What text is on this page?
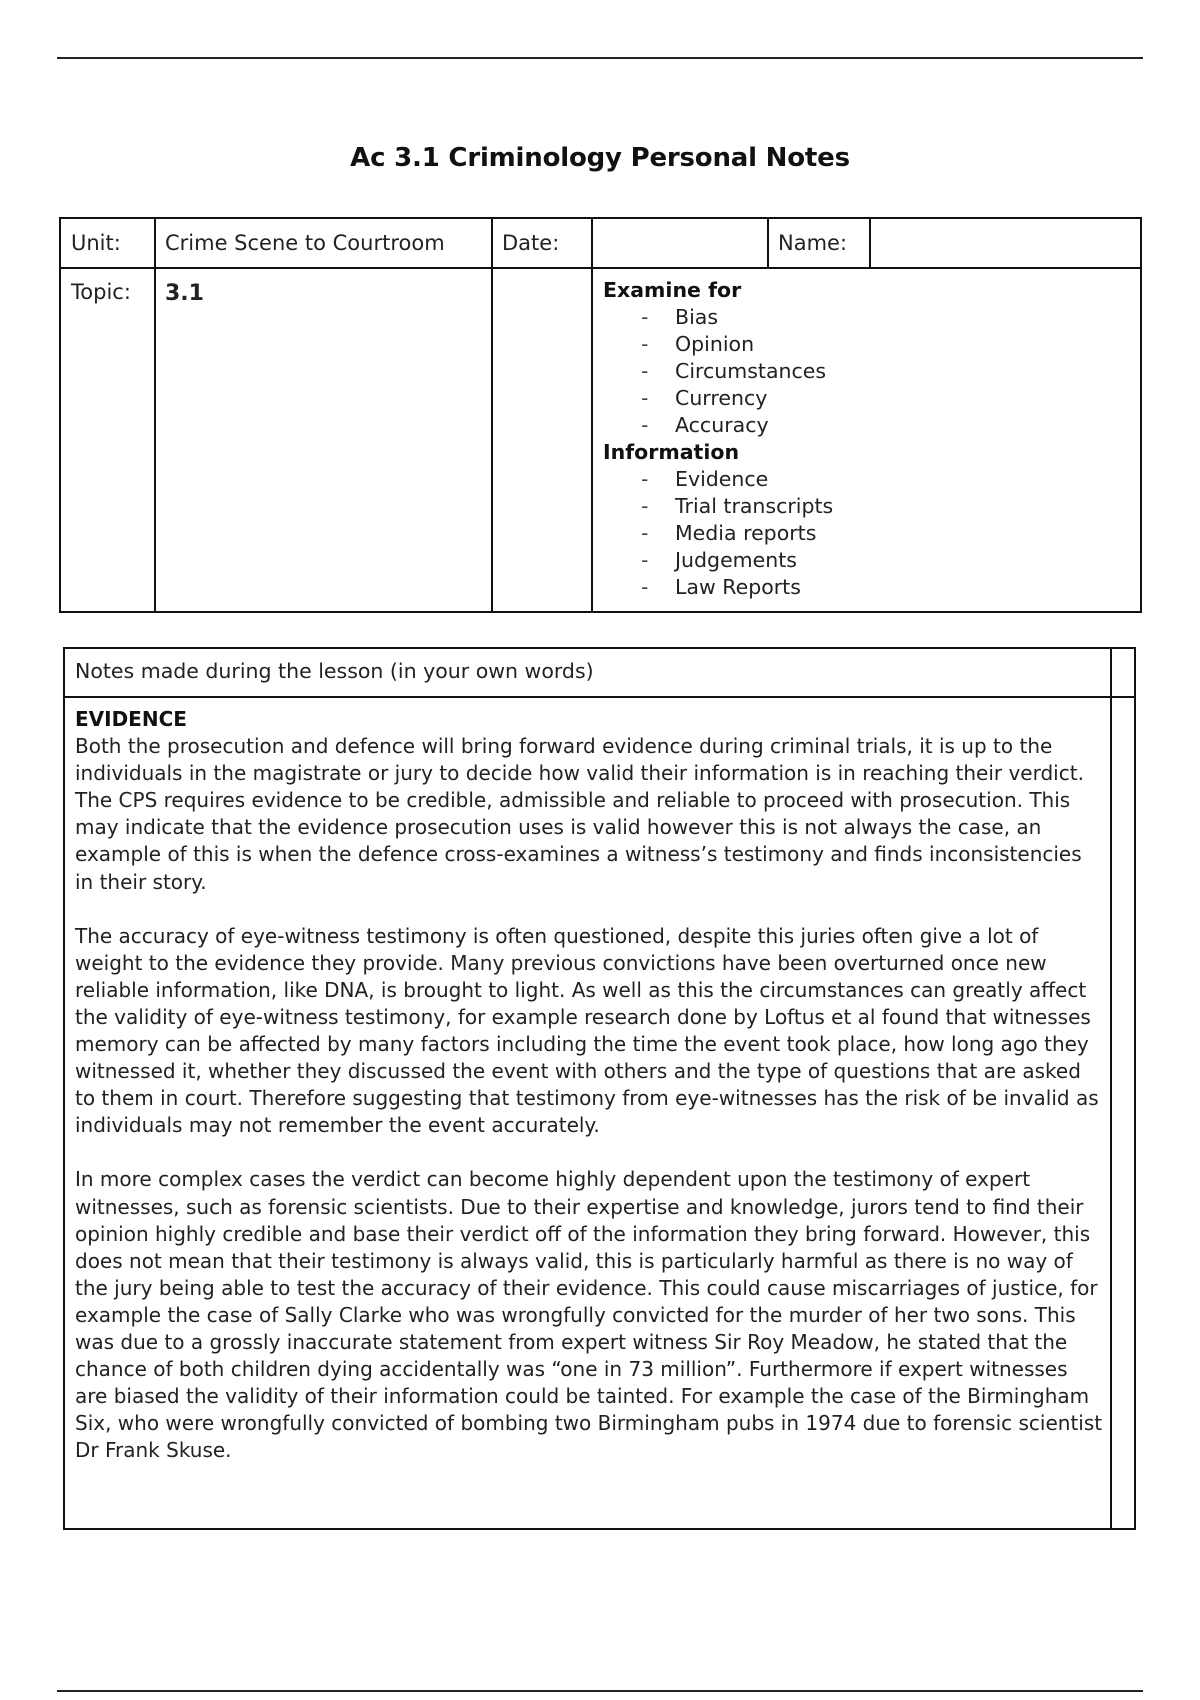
Ac 3.1 Criminology Personal Notes
Unit: Crime Scene to Courtroom	Date:	Name:
Topic: 3.1	Examine for
- Bias
- Opinion
- Circumstances
- Currency
- Accuracy
Information
- Evidence
- Trial transcripts
- Media reports
- Judgements
- Law Reports
Notes made during the lesson (in your own words)
EVIDENCE

Both the prosecution and defence will bring forward evidence during criminal trials, it is up to the individuals in the magistrate or jury to decide how valid their information is in reaching their verdict. The CPS requires evidence to be credible, admissible and reliable to proceed with prosecution. This may indicate that the evidence prosecution uses is valid however this is not always the case, an example of this is when the defence cross-examines a witness’s testimony and finds inconsistencies in their story.

The accuracy of eye-witness testimony is often questioned, despite this juries often give a lot of weight to the evidence they provide. Many previous convictions have been overturned once new reliable information, like DNA, is brought to light. As well as this the circumstances can greatly affect the validity of eye-witness testimony, for example research done by Loftus et al found that witnesses memory can be affected by many factors including the time the event took place, how long ago they witnessed it, whether they discussed the event with others and the type of questions that are asked to them in court. Therefore suggesting that testimony from eye-witnesses has the risk of be invalid as individuals may not remember the event accurately.

In more complex cases the verdict can become highly dependent upon the testimony of expert witnesses, such as forensic scientists. Due to their expertise and knowledge, jurors tend to find their opinion highly credible and base their verdict off of the information they bring forward. However, this does not mean that their testimony is always valid, this is particularly harmful as there is no way of the jury being able to test the accuracy of their evidence. This could cause miscarriages of justice, for example the case of Sally Clarke who was wrongfully convicted for the murder of her two sons. This was due to a grossly inaccurate statement from expert witness Sir Roy Meadow, he stated that the chance of both children dying accidentally was “one in 73 million”. Furthermore if expert witnesses are biased the validity of their information could be tainted. For example the case of the Birmingham Six, who were wrongfully convicted of bombing two Birmingham pubs in 1974 due to forensic scientist Dr Frank Skuse.
